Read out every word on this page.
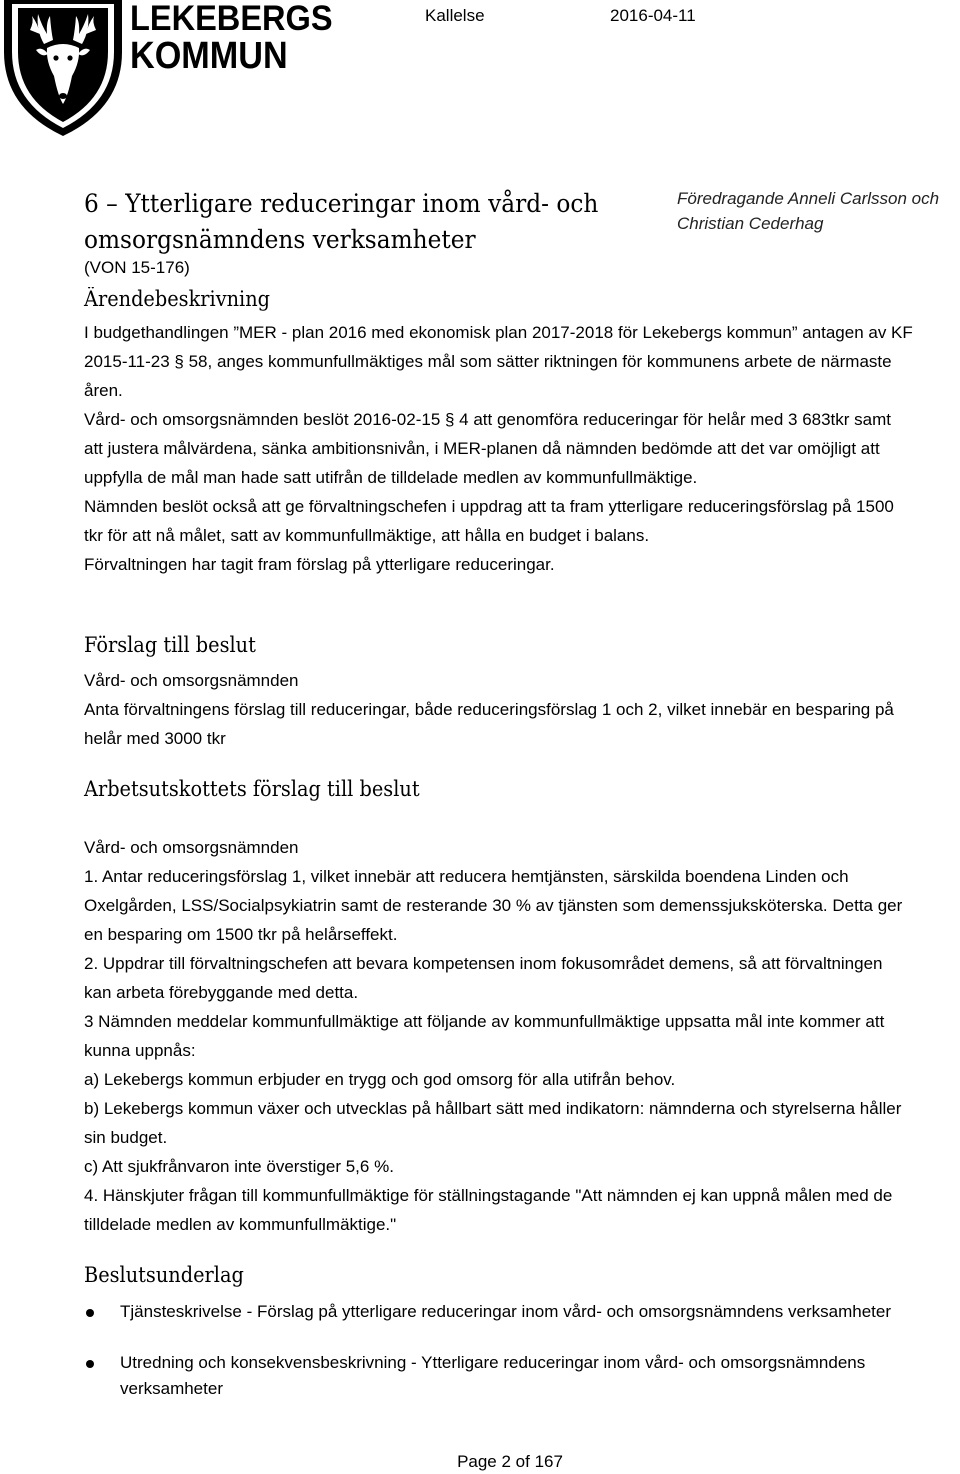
LEKEBERGS
KOMMUN
Kallelse	2016-04-11
6 – Ytterligare reduceringar inom vård- och omsorgsnämndens verksamheter
Föredragande Anneli Carlsson och Christian Cederhag
(VON 15-176)
Ärendebeskrivning

I budgethandlingen ”MER - plan 2016 med ekonomisk plan 2017-2018 för Lekebergs kommun” antagen av KF 2015-11-23 § 58, anges kommunfullmäktiges mål som sätter riktningen för kommunens arbete de närmaste åren.

Vård- och omsorgsnämnden beslöt 2016-02-15 § 4 att genomföra reduceringar för helår med 3 683tkr samt att justera målvärdena, sänka ambitionsnivån, i MER-planen då nämnden bedömde att det var omöjligt att uppfylla de mål man hade satt utifrån de tilldelade medlen av kommunfullmäktige.

Nämnden beslöt också att ge förvaltningschefen i uppdrag att ta fram ytterligare reduceringsförslag på 1500 tkr för att nå målet, satt av kommunfullmäktige, att hålla en budget i balans.

Förvaltningen har tagit fram förslag på ytterligare reduceringar.

Förslag till beslut

Vård- och omsorgsnämnden

Anta förvaltningens förslag till reduceringar, både reduceringsförslag 1 och 2, vilket innebär en besparing på helår med 3000 tkr

Arbetsutskottets förslag till beslut

Vård- och omsorgsnämnden

1. Antar reduceringsförslag 1, vilket innebär att reducera hemtjänsten, särskilda boendena Linden och Oxelgården, LSS/Socialpsykiatrin samt de resterande 30 % av tjänsten som demenssjuksköterska. Detta ger en besparing om 1500 tkr på helårseffekt.

2. Uppdrar till förvaltningschefen att bevara kompetensen inom fokusområdet demens, så att förvaltningen kan arbeta förebyggande med detta.

3 Nämnden meddelar kommunfullmäktige att följande av kommunfullmäktige uppsatta mål inte kommer att kunna uppnås:

a) Lekebergs kommun erbjuder en trygg och god omsorg för alla utifrån behov.

b) Lekebergs kommun växer och utvecklas på hållbart sätt med indikatorn: nämnderna och styrelserna håller sin budget.

c) Att sjukfrånvaron inte överstiger 5,6 %.

4. Hänskjuter frågan till kommunfullmäktige för ställningstagande "Att nämnden ej kan uppnå målen med de tilldelade medlen av kommunfullmäktige."

Beslutsunderlag
Tjänsteskrivelse - Förslag på ytterligare reduceringar inom vård- och omsorgsnämndens verksamheter
Utredning och konsekvensbeskrivning - Ytterligare reduceringar inom vård- och omsorgsnämndens verksamheter
Page 2 of 167
